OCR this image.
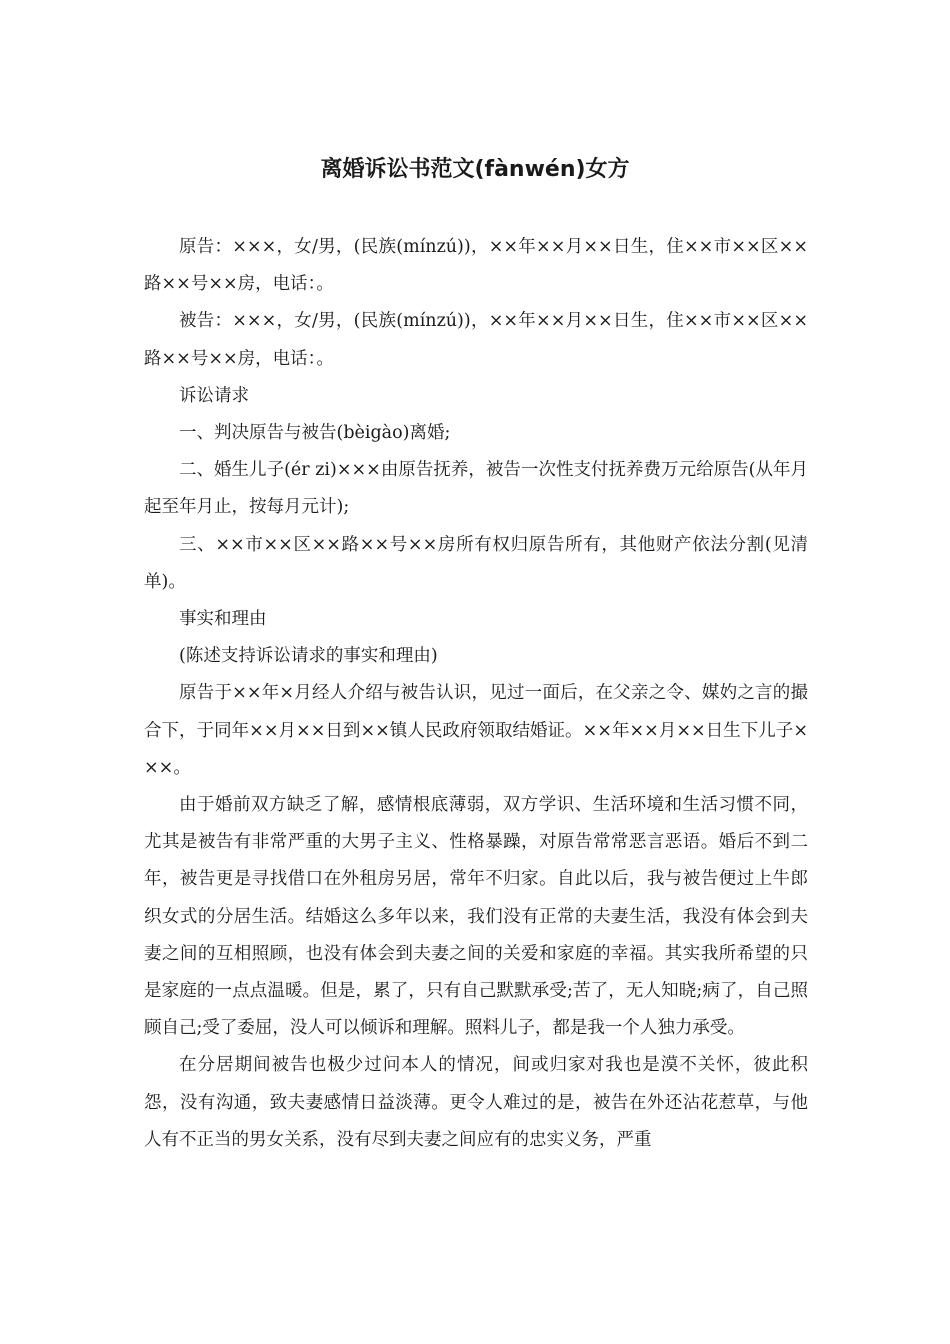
离婚诉讼书范文(fànwén)女方

原告：×××，女/男，(民族(mínzú))，××年××月××日生，住××市××区××路××号××房，电话：。

被告：×××，女/男，(民族(mínzú))，××年××月××日生，住××市××区××路××号××房，电话：。

诉讼请求

一、判决原告与被告(bèigào)离婚;

二、婚生儿子(ér zi)×××由原告抚养，被告一次性支付抚养费万元给原告(从年月起至年月止，按每月元计);

三、××市××区××路××号××房所有权归原告所有，其他财产依法分割(见清单)。

事实和理由

(陈述支持诉讼请求的事实和理由)

原告于××年×月经人介绍与被告认识，见过一面后，在父亲之令、媒妁之言的撮合下，于同年××月××日到××镇人民政府领取结婚证。××年××月××日生下儿子×××。

由于婚前双方缺乏了解，感情根底薄弱，双方学识、生活环境和生活习惯不同，尤其是被告有非常严重的大男子主义、性格暴躁，对原告常常恶言恶语。婚后不到二年，被告更是寻找借口在外租房另居，常年不归家。自此以后，我与被告便过上牛郎织女式的分居生活。结婚这么多年以来，我们没有正常的夫妻生活，我没有体会到夫妻之间的互相照顾，也没有体会到夫妻之间的关爱和家庭的幸福。其实我所希望的只是家庭的一点点温暖。但是，累了，只有自己默默承受;苦了，无人知晓;病了，自己照顾自己;受了委屈，没人可以倾诉和理解。照料儿子，都是我一个人独力承受。

在分居期间被告也极少过问本人的情况，间或归家对我也是漠不关怀，彼此积怨，没有沟通，致夫妻感情日益淡薄。更令人难过的是，被告在外还沾花惹草，与他人有不正当的男女关系，没有尽到夫妻之间应有的忠实义务，严重
